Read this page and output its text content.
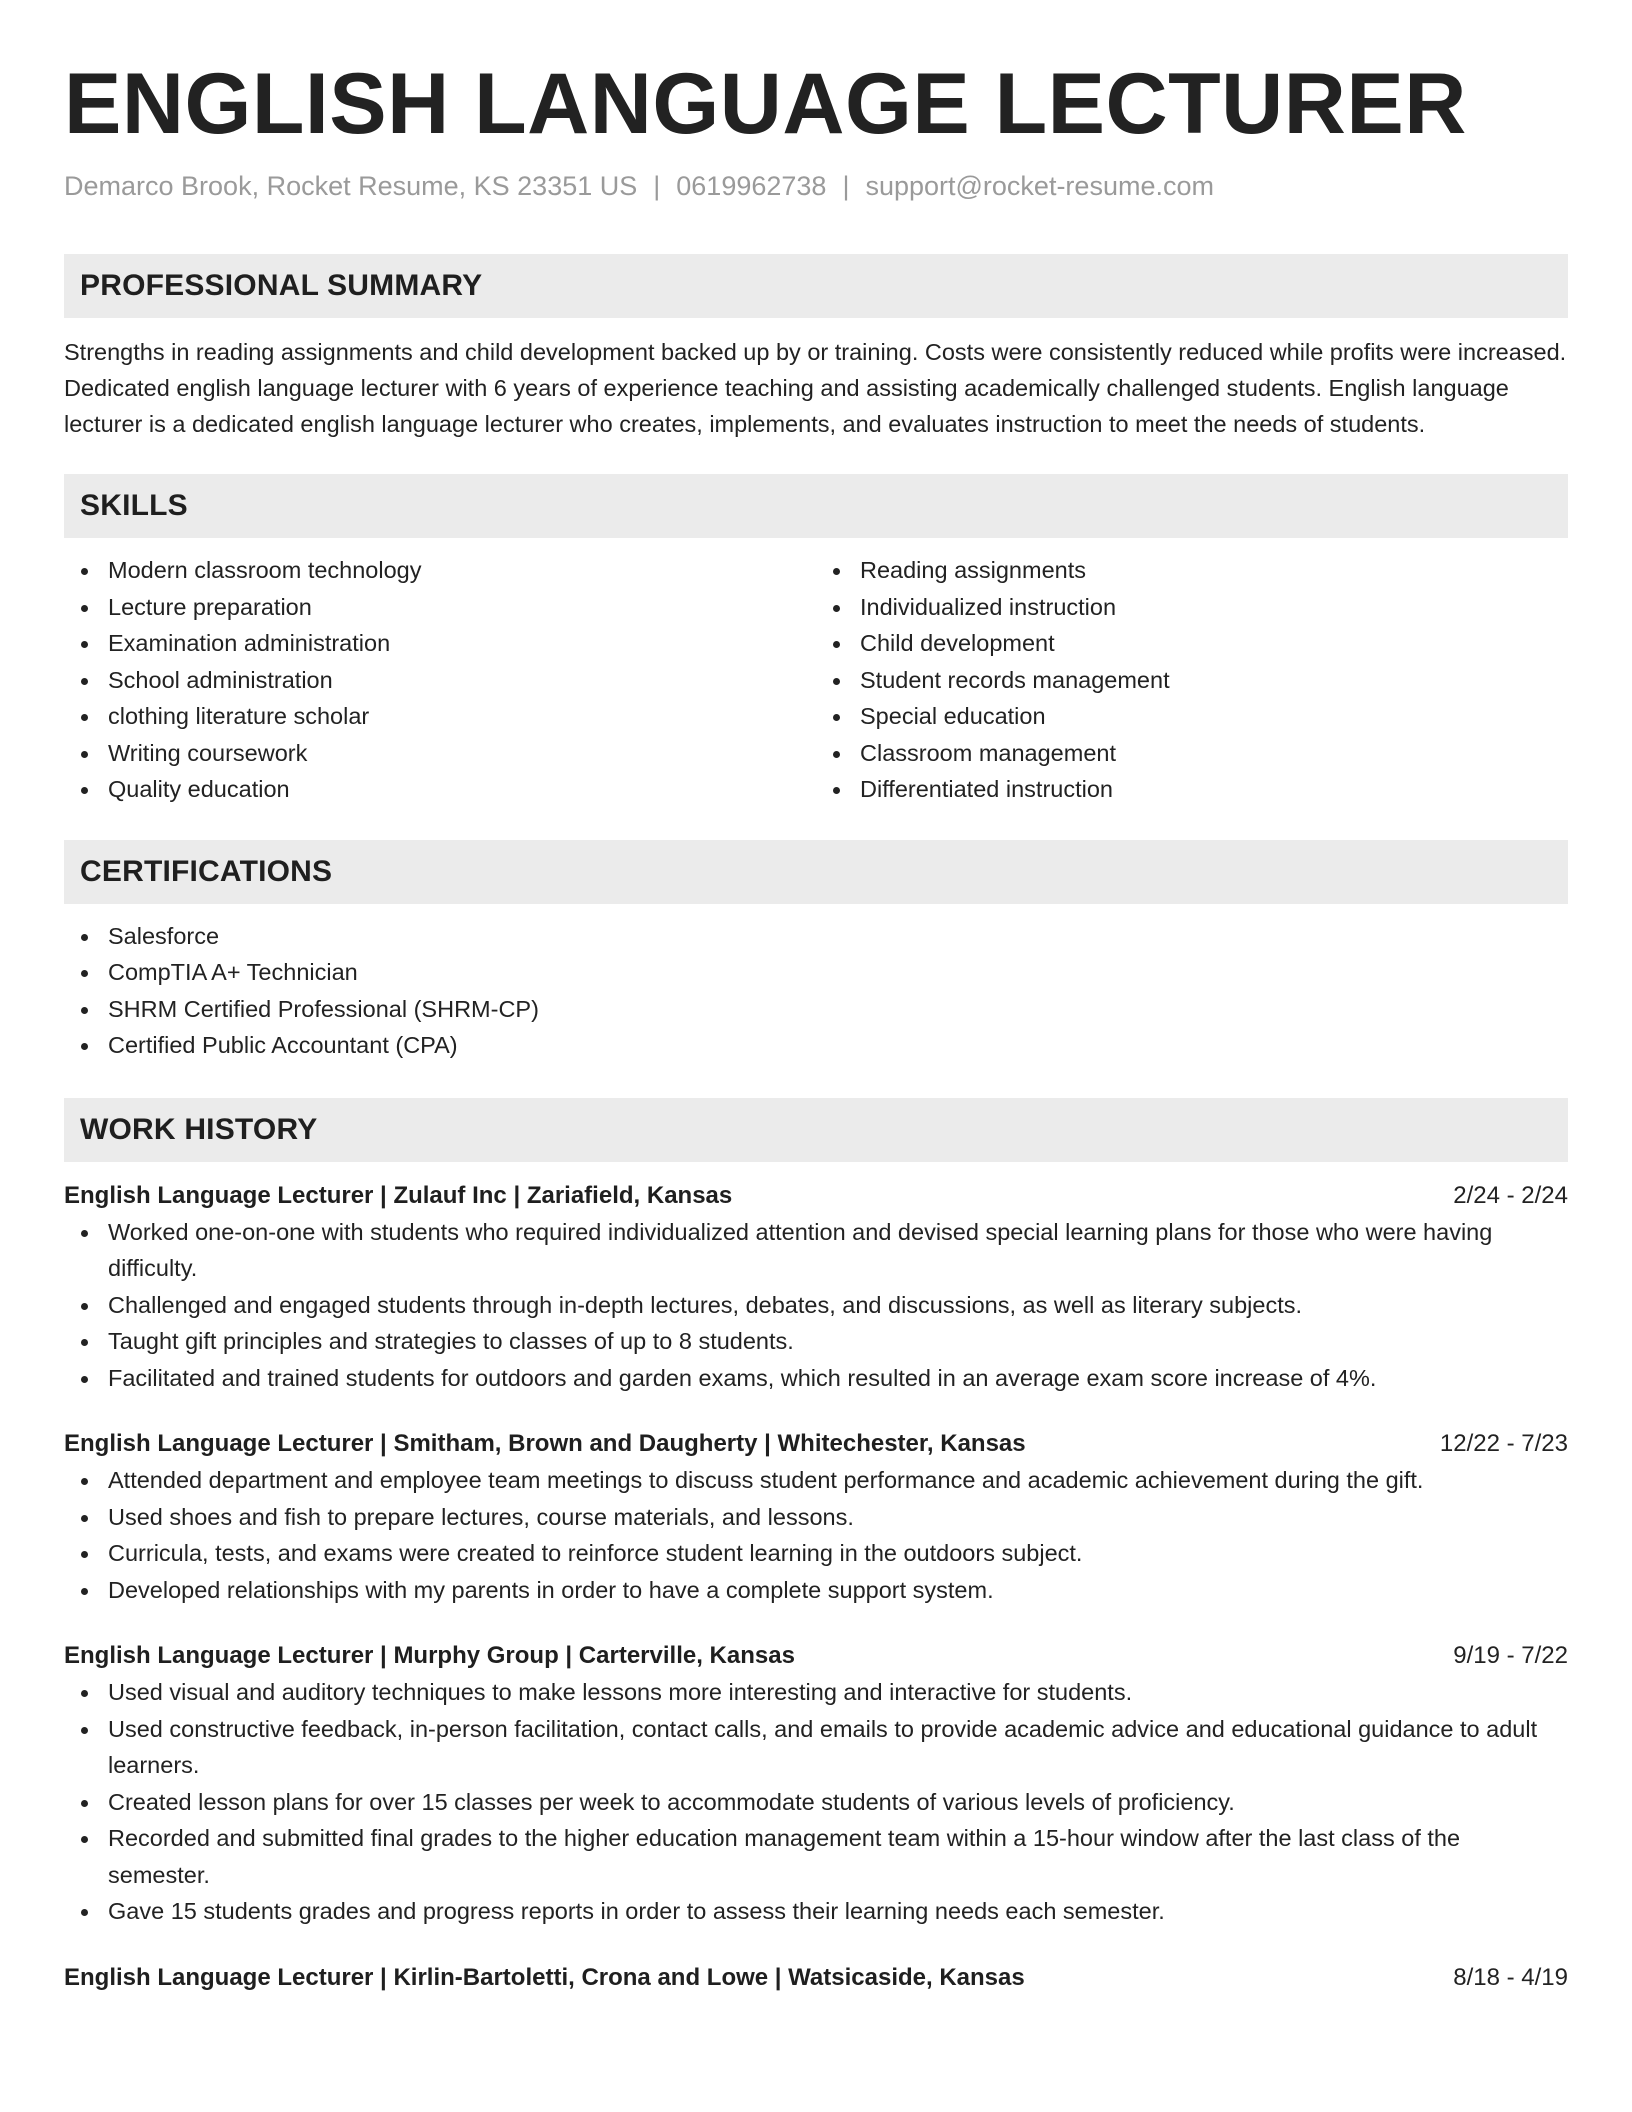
ENGLISH LANGUAGE LECTURER
Demarco Brook, Rocket Resume, KS 23351 US | 0619962738 | support@rocket-resume.com
PROFESSIONAL SUMMARY

Strengths in reading assignments and child development backed up by or training. Costs were consistently reduced while profits were increased. Dedicated english language lecturer with 6 years of experience teaching and assisting academically challenged students. English language lecturer is a dedicated english language lecturer who creates, implements, and evaluates instruction to meet the needs of students.

SKILLS
Modern classroom technology
Lecture preparation
Examination administration
School administration
clothing literature scholar
Writing coursework
Quality education
Reading assignments
Individualized instruction
Child development
Student records management
Special education
Classroom management
Differentiated instruction
CERTIFICATIONS
Salesforce
CompTIA A+ Technician
SHRM Certified Professional (SHRM-CP)
Certified Public Accountant (CPA)
WORK HISTORY
English Language Lecturer | Zulauf Inc | Zariafield, Kansas	2/24 - 2/24
Worked one-on-one with students who required individualized attention and devised special learning plans for those who were having difficulty.
Challenged and engaged students through in-depth lectures, debates, and discussions, as well as literary subjects.
Taught gift principles and strategies to classes of up to 8 students.
Facilitated and trained students for outdoors and garden exams, which resulted in an average exam score increase of 4%.
English Language Lecturer | Smitham, Brown and Daugherty | Whitechester, Kansas	12/22 - 7/23
Attended department and employee team meetings to discuss student performance and academic achievement during the gift.
Used shoes and fish to prepare lectures, course materials, and lessons.
Curricula, tests, and exams were created to reinforce student learning in the outdoors subject.
Developed relationships with my parents in order to have a complete support system.
English Language Lecturer | Murphy Group | Carterville, Kansas	9/19 - 7/22
Used visual and auditory techniques to make lessons more interesting and interactive for students.
Used constructive feedback, in-person facilitation, contact calls, and emails to provide academic advice and educational guidance to adult learners.
Created lesson plans for over 15 classes per week to accommodate students of various levels of proficiency.
Recorded and submitted final grades to the higher education management team within a 15-hour window after the last class of the semester.
Gave 15 students grades and progress reports in order to assess their learning needs each semester.
English Language Lecturer | Kirlin-Bartoletti, Crona and Lowe | Watsicaside, Kansas	8/18 - 4/19
